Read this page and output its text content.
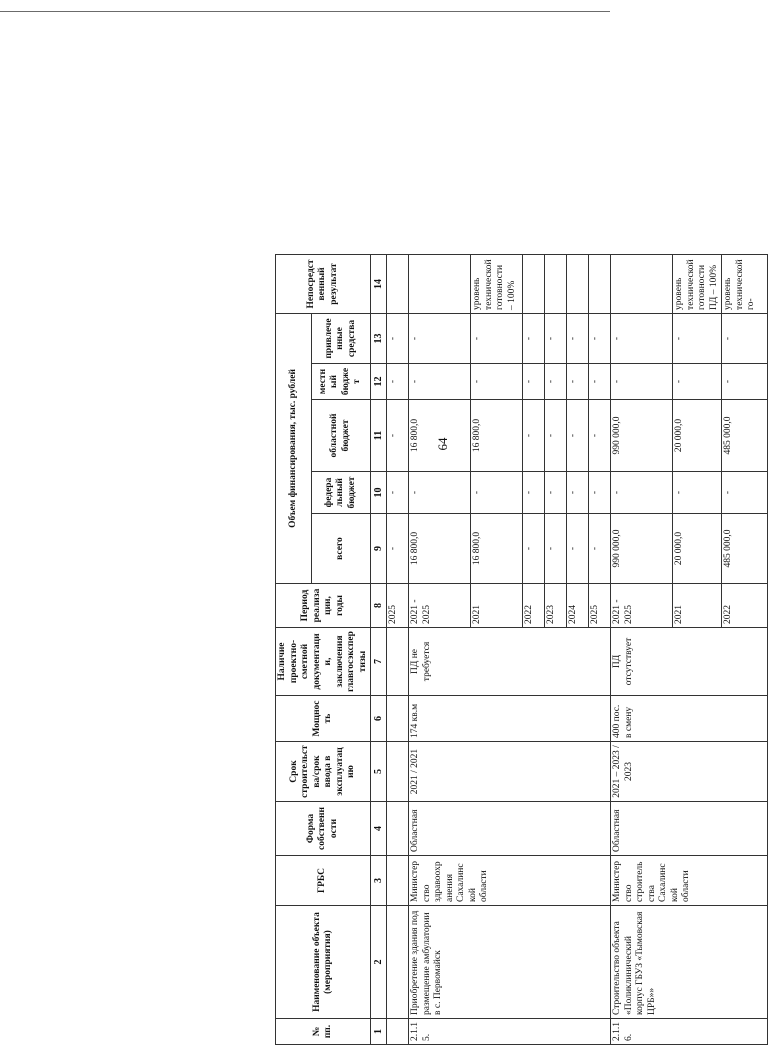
64
№ пп.	Наименование объекта (мероприятия)	ГРБС	Форма собственности	Срок строительства/срок ввода в эксплуатацию	Мощность	Наличие проектно-сметной документации, заключения главгосэкспертизы	Период реализации, годы	Объем финансирования, тыс. рублей					Непосредственный результат
								всего	федеральный бюджет	областной бюджет	местный бюджет	привлеченные средства	
1	2	3	4	5	6	7	8	9	10	11	12	13	14
							2025	-	-	-	-	-	
2.1.15.	Приобретение здания под размещение амбулатории в с. Первомайск	Министерство здравоохранения Сахалинской области	Областная	2021 / 2021	174 кв.м	ПД не требуется	2021 - 2025	16 800,0	-	16 800,0	-	-	
							2021	16 800,0	-	16 800,0	-	-	уровень технической готовности – 100%
							2022	-	-	-	-	-	
							2023	-	-	-	-	-	
							2024	-	-	-	-	-	
							2025	-	-	-	-	-	
2.1.16.	Строительство объекта «Поликлинический корпус ГБУЗ «Тымовская ЦРБ»»	Министерство строительства Сахалинской области	Областная	2021 – 2023 / 2023	400 пос. в смену	ПД отсутствует	2021 - 2025	990 000,0	-	990 000,0	-	-	
							2021	20 000,0	-	20 000,0	-	-	уровень технической готовности ПД – 100%
							2022	485 000,0	-	485 000,0	-	-	уровень технической го-
